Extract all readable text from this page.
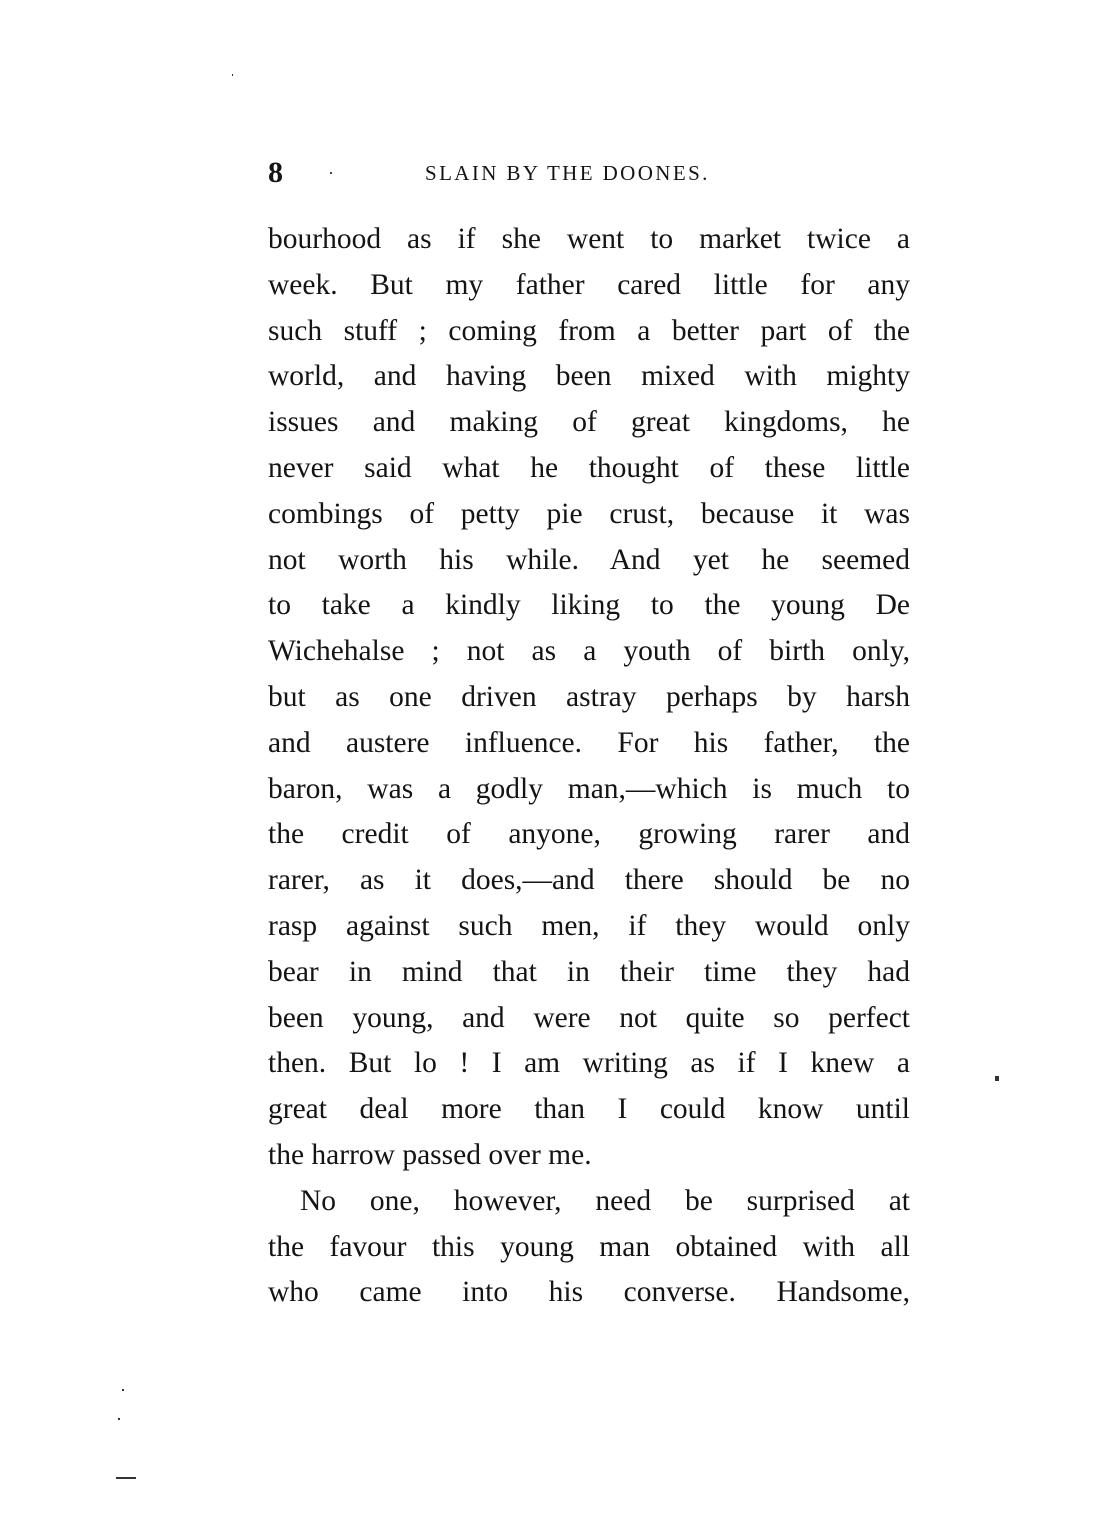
8	SLAIN BY THE DOONES.
bourhood as if she went to market twice a
week. But my father cared little for any
such stuff ; coming from a better part of the
world, and having been mixed with mighty
issues and making of great kingdoms, he
never said what he thought of these little
combings of petty pie crust, because it was
not worth his while. And yet he seemed
to take a kindly liking to the young De
Wichehalse ; not as a youth of birth only,
but as one driven astray perhaps by harsh
and austere influence. For his father, the
baron, was a godly man,—which is much to
the credit of anyone, growing rarer and
rarer, as it does,—and there should be no
rasp against such men, if they would only
bear in mind that in their time they had
been young, and were not quite so perfect
then. But lo ! I am writing as if I knew a
great deal more than I could know until
the harrow passed over me.
No one, however, need be surprised at
the favour this young man obtained with all
who came into his converse. Handsome,
